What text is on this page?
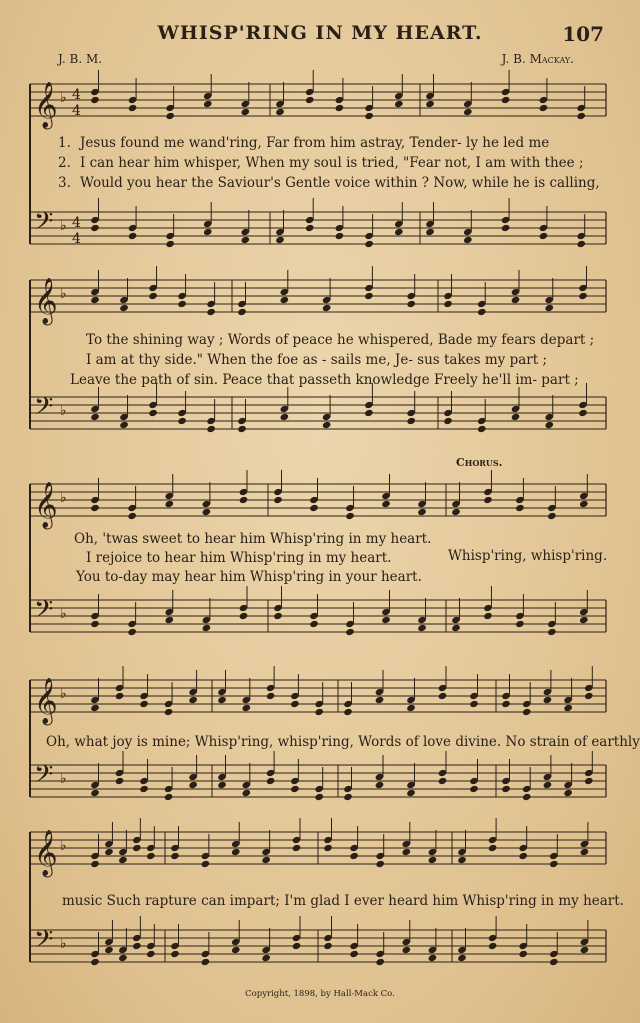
WHISP'RING IN MY HEART.	107
J. B. M.	J. B. Mackay.
𝄞 ♭ 4
4
𝄢 ♭ 4
4
𝄞 ♭
𝄢 ♭
𝄞 ♭
𝄢 ♭
𝄞 ♭
𝄢 ♭
𝄞 ♭
𝄢 ♭
1. Jesus found me wand'ring, Far from him astray, Tender- ly he led me
2. I can hear him whisper, When my soul is tried, "Fear not, I am with thee ;
3. Would you hear the Saviour's Gentle voice within ? Now, while he is calling,
To the shining way ; Words of peace he whispered, Bade my fears depart ;
I am at thy side." When the foe as - sails me, Je- sus takes my part ;
Leave the path of sin. Peace that passeth knowledge Freely he'll im- part ;
Chorus.
Oh, 'twas sweet to hear him Whisp'ring in my heart.
I rejoice to hear him Whisp'ring in my heart.
You to-day may hear him Whisp'ring in your heart.
Whisp'ring, whisp'ring.
Oh, what joy is mine; Whisp'ring, whisp'ring, Words of love divine. No strain of earthly
music Such rapture can impart; I'm glad I ever heard him Whisp'ring in my heart.
Copyright, 1898, by Hall-Mack Co.
